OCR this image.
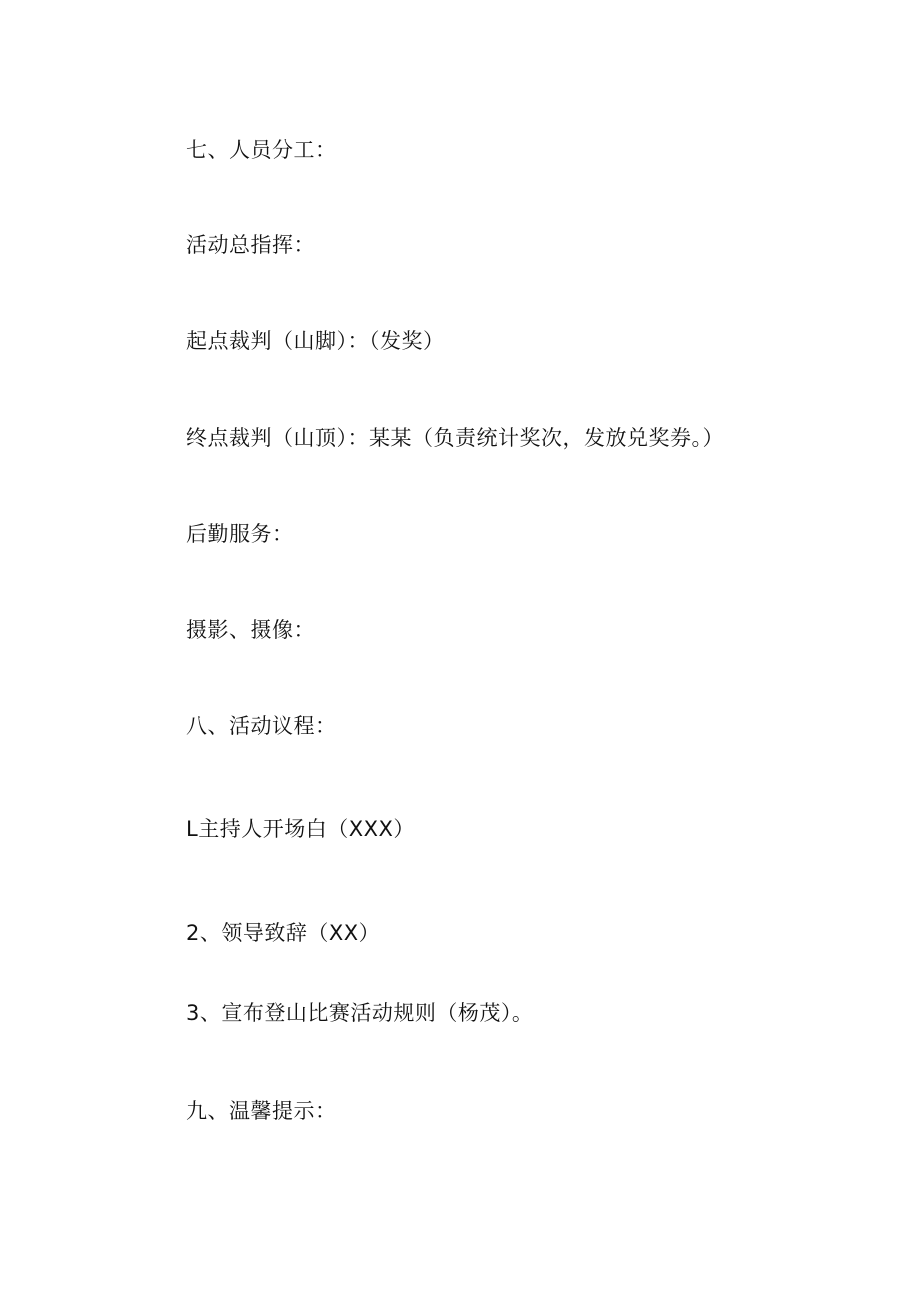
七、人员分工：
活动总指挥：
起点裁判（山脚）：（发奖）
终点裁判（山顶）：某某（负责统计奖次，发放兑奖券。）
后勤服务：
摄影、摄像：
八、活动议程：
L主持人开场白（XXX）
2、领导致辞（XX）
3、宣布登山比赛活动规则（杨茂）。
九、温馨提示：
